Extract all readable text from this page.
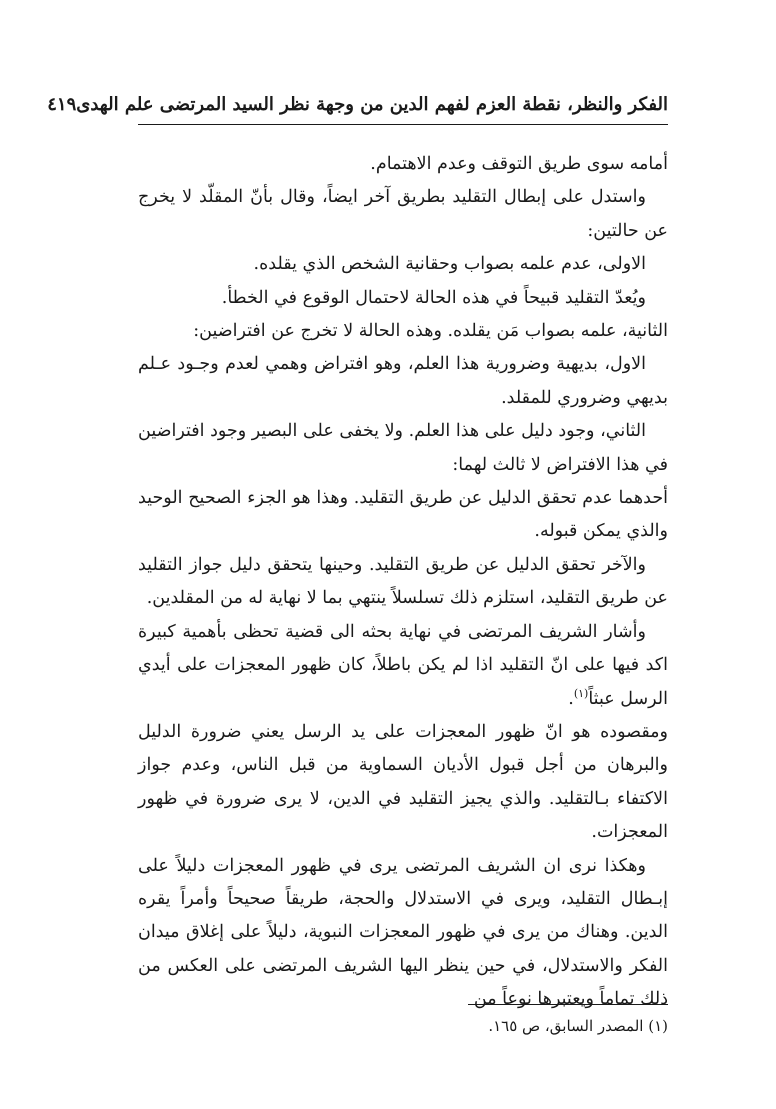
الفكر والنظر، نقطة العزم لفهم الدين من وجهة نظر السيد المرتضى علم الهدى
٤١٩

أمامه سوى طريق التوقف وعدم الاهتمام.

واستدل على إبطال التقليد بطريق آخر ايضاً، وقال بأنّ المقلّد لا يخرج عن حالتين:

الاولى، عدم علمه بصواب وحقانية الشخص الذي يقلده.

ويُعدّ التقليد قبيحاً في هذه الحالة لاحتمال الوقوع في الخطأ.

الثانية، علمه بصواب مَن يقلده. وهذه الحالة لا تخرج عن افتراضين:

الاول، بديهية وضرورية هذا العلم، وهو افتراض وهمي لعدم وجـود عـلم بديهي وضروري للمقلد.

الثاني، وجود دليل على هذا العلم. ولا يخفى على البصير وجود افتراضين في هذا الافتراض لا ثالث لهما:

أحدهما عدم تحقق الدليل عن طريق التقليد. وهذا هو الجزء الصحيح الوحيد والذي يمكن قبوله.

والآخر تحقق الدليل عن طريق التقليد. وحينها يتحقق دليل جواز التقليد عن طريق التقليد، استلزم ذلك تسلسلاً ينتهي بما لا نهاية له من المقلدين.

وأشار الشريف المرتضى في نهاية بحثه الى قضية تحظى بأهمية كبيرة اكد فيها على انّ التقليد اذا لم يكن باطلاً، كان ظهور المعجزات على أيدي الرسل عبثاً$^{(١)}$.

ومقصوده هو انّ ظهور المعجزات على يد الرسل يعني ضرورة الدليل والبرهان من أجل قبول الأديان السماوية من قبل الناس، وعدم جواز الاكتفاء بـالتقليد. والذي يجيز التقليد في الدين، لا يرى ضرورة في ظهور المعجزات.

وهكذا نرى ان الشريف المرتضى يرى في ظهور المعجزات دليلاً على إبـطال التقليد، ويرى في الاستدلال والحجة، طريقاً صحيحاً وأمراً يقره الدين. وهناك من يرى في ظهور المعجزات النبوية، دليلاً على إغلاق ميدان الفكر والاستدلال، في حين ينظر اليها الشريف المرتضى على العكس من ذلك تماماً ويعتبرها نوعاً من

(١) المصدر السابق، ص ١٦٥.
